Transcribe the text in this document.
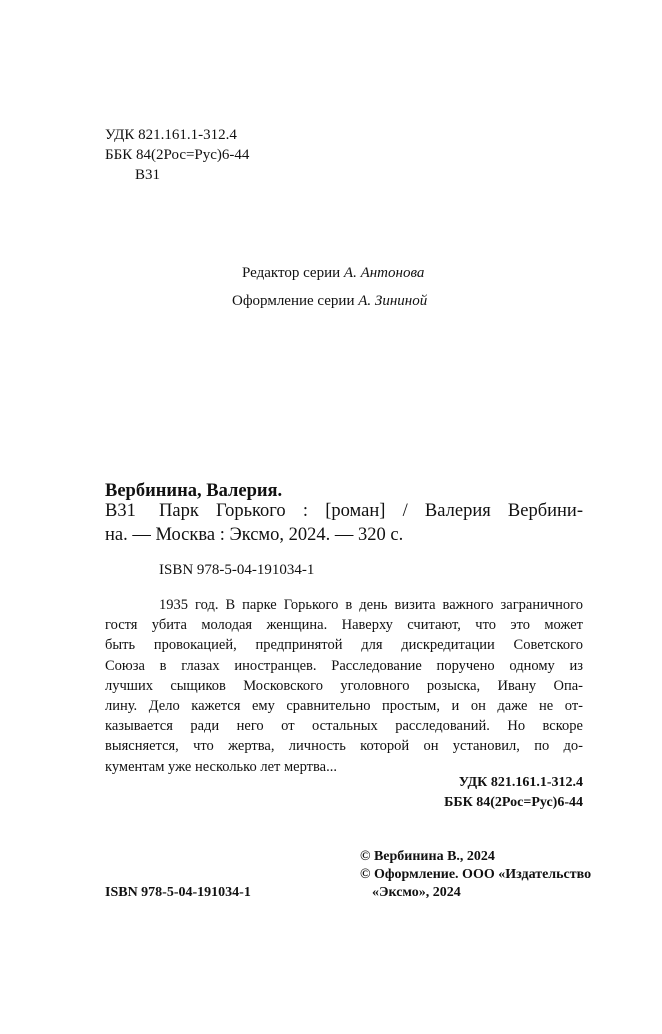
УДК 821.161.1-312.4
ББК 84(2Рос=Рус)6-44
В31
Редактор серии А. Антонова
Оформление серии А. Зининой
Вербинина, Валерия.
В31 Парк Горького : [роман] / Валерия Вербини-
на. — Москва : Эксмо, 2024. — 320 с.
ISBN 978-5-04-191034-1
1935 год. В парке Горького в день визита важного заграничного
гостя убита молодая женщина. Наверху считают, что это может
быть провокацией, предпринятой для дискредитации Советского
Союза в глазах иностранцев. Расследование поручено одному из
лучших сыщиков Московского уголовного розыска, Ивану Опа-
лину. Дело кажется ему сравнительно простым, и он даже не от-
казывается ради него от остальных расследований. Но вскоре
выясняется, что жертва, личность которой он установил, по до-
кументам уже несколько лет мертва...
УДК 821.161.1-312.4
ББК 84(2Рос=Рус)6-44
© Вербинина В., 2024
© Оформление. ООО «Издательство
«Эксмо», 2024
ISBN 978-5-04-191034-1
